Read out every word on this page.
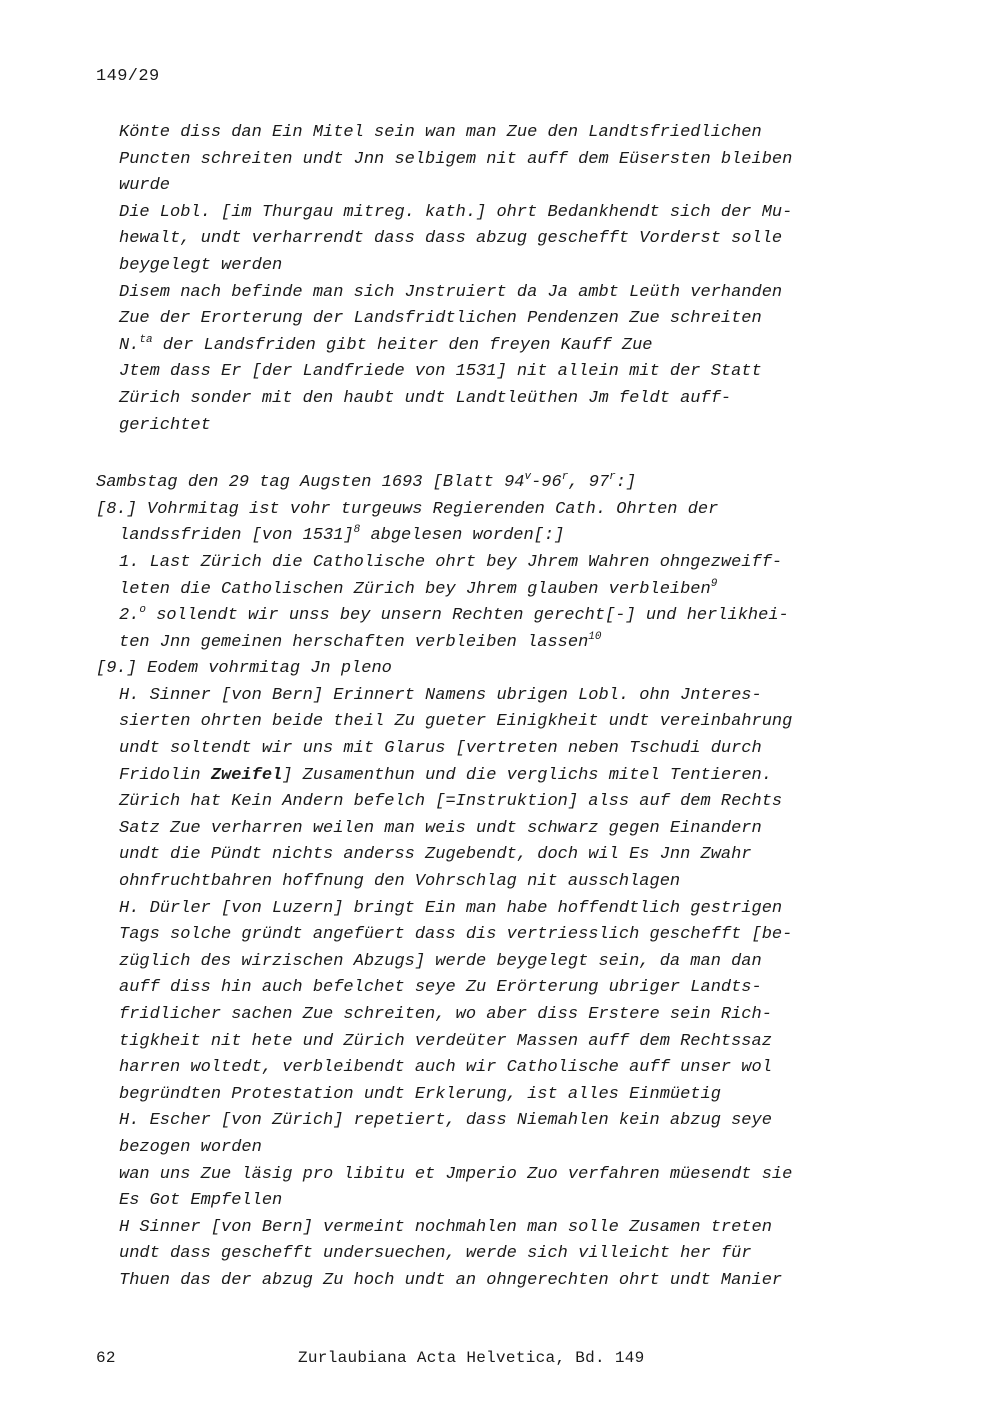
149/29
Könte diss dan Ein Mitel sein wan man Zue den Landtsfriedlichen
Puncten schreiten undt Jnn selbigem nit auff dem Eüsersten bleiben
wurde
Die Lobl. [im Thurgau mitreg. kath.] ohrt Bedankhendt sich der Mu-
hewalt, undt verharrendt dass dass abzug geschefft Vorderst solle
beygelegt werden
Disem nach befinde man sich Jnstruiert da Ja ambt Leüth verhanden
Zue der Erorterung der Landsfridtlichen Pendenzen Zue schreiten
N.$^{ta}$ der Landsfriden gibt heiter den freyen Kauff Zue
Jtem dass Er [der Landfriede von 1531] nit allein mit der Statt
Zürich sonder mit den haubt undt Landtleüthen Jm feldt auff-
gerichtet
Sambstag den 29 tag Augsten 1693 [Blatt 94$^v$-96$^r$, 97$^r$:]
[8.] Vohrmitag ist vohr turgeuws Regierenden Cath. Ohrten der
landssfriden [von 1531]$^8$ abgelesen worden[:]
1. Last Zürich die Catholische ohrt bey Jhrem Wahren ohngezweiff-
leten die Catholischen Zürich bey Jhrem glauben verbleiben$^9$
2.$^o$ sollendt wir unss bey unsern Rechten gerecht[-] und herlikhei-
ten Jnn gemeinen herschaften verbleiben lassen$^{10}$
[9.] Eodem vohrmitag Jn pleno
H. Sinner [von Bern] Erinnert Namens ubrigen Lobl. ohn Jnteres-
sierten ohrten beide theil Zu gueter Einigkheit undt vereinbahrung
undt soltendt wir uns mit Glarus [vertreten neben Tschudi durch
Fridolin Zweifel] Zusamenthun und die verglichs mitel Tentieren.
Zürich hat Kein Andern befelch [=Instruktion] alss auf dem Rechts
Satz Zue verharren weilen man weis undt schwarz gegen Einandern
undt die Pündt nichts anderss Zugebendt, doch wil Es Jnn Zwahr
ohnfruchtbahren hoffnung den Vohrschlag nit ausschlagen
H. Dürler [von Luzern] bringt Ein man habe hoffendtlich gestrigen
Tags solche gründt angefüert dass dis vertriesslich geschefft [be-
züglich des wirzischen Abzugs] werde beygelegt sein, da man dan
auff diss hin auch befelchet seye Zu Erörterung ubriger Landts-
fridlicher sachen Zue schreiten, wo aber diss Erstere sein Rich-
tigkheit nit hete und Zürich verdeüter Massen auff dem Rechtssaz
harren woltedt, verbleibendt auch wir Catholische auff unser wol
begründten Protestation undt Erklerung, ist alles Einmüetig
H. Escher [von Zürich] repetiert, dass Niemahlen kein abzug seye
bezogen worden
wan uns Zue läsig pro libitu et Jmperio Zuo verfahren müesendt sie
Es Got Empfellen
H Sinner [von Bern] vermeint nochmahlen man solle Zusamen treten
undt dass geschefft undersuechen, werde sich villeicht her für
Thuen das der abzug Zu hoch undt an ohngerechten ohrt undt Manier
62	Zurlaubiana Acta Helvetica, Bd. 149
